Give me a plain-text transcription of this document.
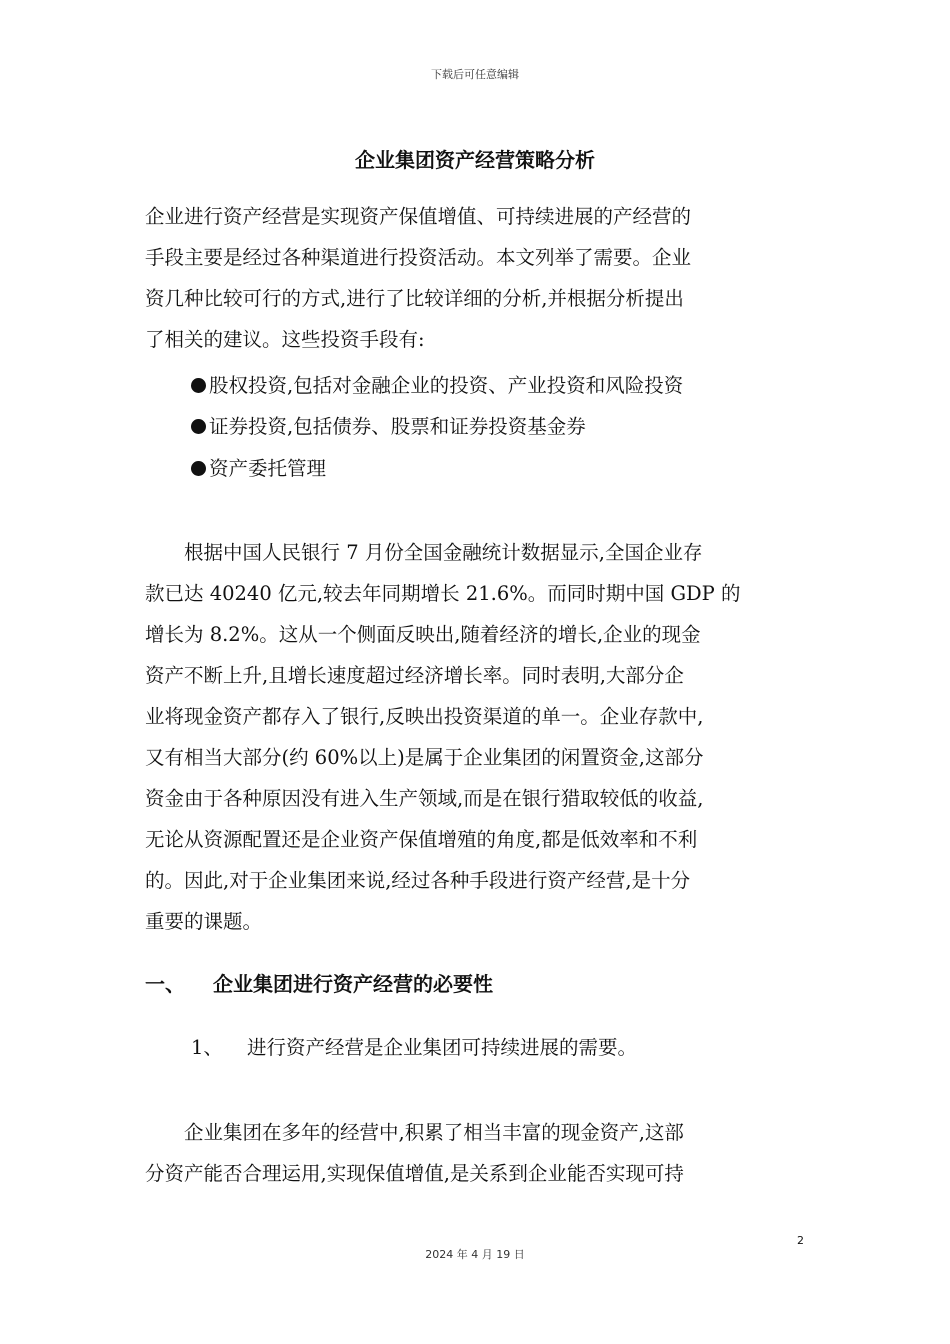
下载后可任意编辑
企业集团资产经营策略分析
企业进行资产经营是实现资产保值增值、可持续进展的产经营的
手段主要是经过各种渠道进行投资活动。本文列举了需要。企业
资几种比较可行的方式,进行了比较详细的分析,并根据分析提出
了相关的建议。这些投资手段有:
股权投资,包括对金融企业的投资、产业投资和风险投资
证券投资,包括债券、股票和证券投资基金券
资产委托管理
　　根据中国人民银行 7 月份全国金融统计数据显示,全国企业存
款已达 40240 亿元,较去年同期增长 21.6%。而同时期中国 GDP 的
增长为 8.2%。这从一个侧面反映出,随着经济的增长,企业的现金
资产不断上升,且增长速度超过经济增长率。同时表明,大部分企
业将现金资产都存入了银行,反映出投资渠道的单一。企业存款中,
又有相当大部分(约 60%以上)是属于企业集团的闲置资金,这部分
资金由于各种原因没有进入生产领域,而是在银行猎取较低的收益,
无论从资源配置还是企业资产保值增殖的角度,都是低效率和不利
的。因此,对于企业集团来说,经过各种手段进行资产经营,是十分
重要的课题。
一、 企业集团进行资产经营的必要性
1、 进行资产经营是企业集团可持续进展的需要。
　　企业集团在多年的经营中,积累了相当丰富的现金资产,这部
分资产能否合理运用,实现保值增值,是关系到企业能否实现可持
2
2024 年 4 月 19 日
